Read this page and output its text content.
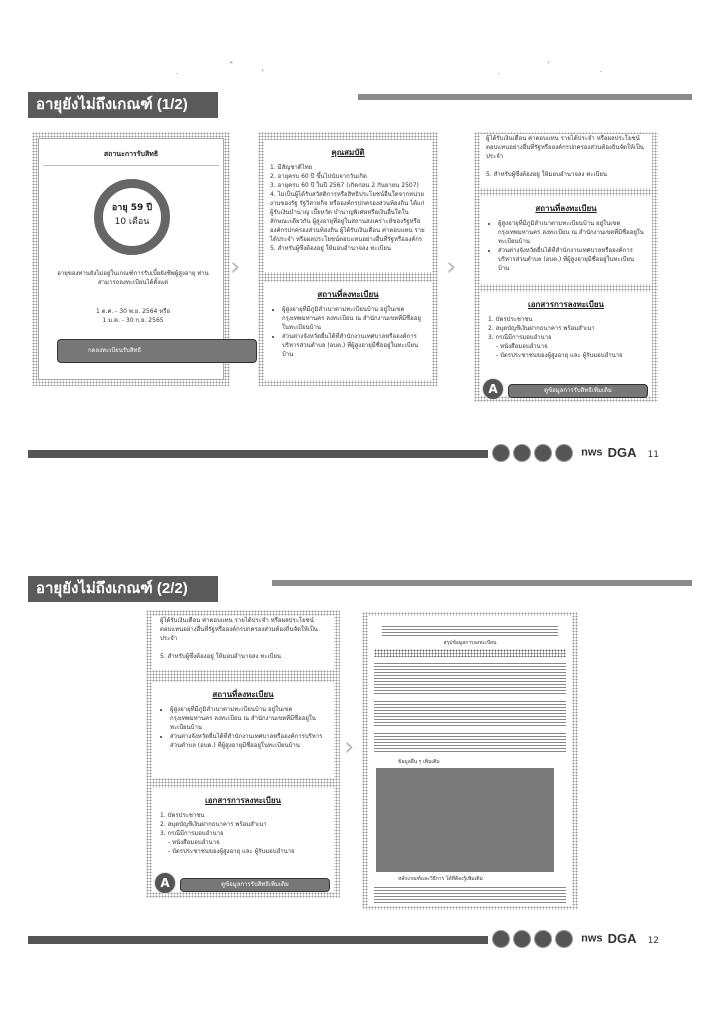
.
"
'	.
'
.
อายุยังไม่ถึงเกณฑ์ (1/2)
สถานะการรับสิทธิ
อายุ 59 ปี
10 เดือน
อายุของท่านยังไม่อยู่ในเกณฑ์การรับเบี้ยยังชีพผู้สูงอายุ ท่านสามารถลงทะเบียนได้ตั้งแต่
1 ต.ค. - 30 พ.ย. 2564 หรือ
1 ม.ค. - 30 ก.ย. 2565
กดลงทะเบียนรับสิทธิ
›
คุณสมบัติ
1. มีสัญชาติไทย
2. อายุครบ 60 ปี ขึ้นไปนับจากวันเกิด
3. อายุครบ 60 ปี ในปี 2567 (เกิดก่อน 2 กันยายน 2507)
4. ไม่เป็นผู้ได้รับสวัสดิการหรือสิทธิประโยชน์อื่นใดจากหน่วยงานของรัฐ รัฐวิสาหกิจ หรือองค์กรปกครองส่วนท้องถิ่น ได้แก่ ผู้รับเงินบำนาญ เบี้ยหวัด บำนาญพิเศษหรือเงินอื่นใดในลักษณะเดียวกัน ผู้สูงอายุที่อยู่ในสถานสงเคราะห์ของรัฐหรือองค์กรปกครองส่วนท้องถิ่น ผู้ได้รับเงินเดือน ค่าตอบแทน รายได้ประจำ หรือผลประโยชน์ตอบแทนอย่างอื่นที่รัฐหรือองค์กร
5. สำหรับผู้ซึ่งต้องอยู่ ให้มอบอำนาจลง ทะเบียน
สถานที่ลงทะเบียน
• ผู้สูงอายุที่มีภูมิลำเนาตามทะเบียนบ้าน อยู่ในเขตกรุงเทพมหานคร ลงทะเบียน ณ สำนักงานเขตที่มีชื่ออยู่ในทะเบียนบ้าน
• ส่วนต่างจังหวัดยื่นได้ที่สำนักงานเทศบาลหรือองค์การบริหารส่วนตำบล (อบต.) ที่ผู้สูงอายุมีชื่ออยู่ในทะเบียนบ้าน
›
ผู้ได้รับเงินเดือน ค่าตอบแทน รายได้ประจำ หรือผลประโยชน์ตอบแทนอย่างอื่นที่รัฐหรือองค์กรปกครองส่วนท้องถิ่นจัดให้เป็นประจำ
5. สำหรับผู้ซึ่งต้องอยู่ ให้มอบอำนาจลง ทะเบียน
สถานที่ลงทะเบียน
• ผู้สูงอายุที่มีภูมิลำเนาตามทะเบียนบ้าน อยู่ในเขตกรุงเทพมหานคร ลงทะเบียน ณ สำนักงานเขตที่มีชื่ออยู่ในทะเบียนบ้าน
• ส่วนต่างจังหวัดยื่นได้ที่สำนักงานเทศบาลหรือองค์การบริหารส่วนตำบล (อบต.) ที่ผู้สูงอายุมีชื่ออยู่ในทะเบียนบ้าน
เอกสารการลงทะเบียน
1. บัตรประชาชน
2. สมุดบัญชีเงินฝากธนาคาร พร้อมสำเนา
3. กรณีมีการมอบอำนาจ
- หนังสือมอบอำนาจ
- บัตรประชาชนของผู้สูงอายุ และ ผู้รับมอบอำนาจ
A	ดูข้อมูลการรับสิทธิเพิ่มเติม
nws DGA 11
อายุยังไม่ถึงเกณฑ์ (2/2)
ผู้ได้รับเงินเดือน ค่าตอบแทน รายได้ประจำ หรือผลประโยชน์ตอบแทนอย่างอื่นที่รัฐหรือองค์กรปกครองส่วนท้องถิ่นจัดให้เป็นประจำ
5. สำหรับผู้ซึ่งต้องอยู่ ให้มอบอำนาจลง ทะเบียน
สถานที่ลงทะเบียน
• ผู้สูงอายุที่มีภูมิลำเนาตามทะเบียนบ้าน อยู่ในเขตกรุงเทพมหานคร ลงทะเบียน ณ สำนักงานเขตที่มีชื่ออยู่ในทะเบียนบ้าน
• ส่วนต่างจังหวัดยื่นได้ที่สำนักงานเทศบาลหรือองค์การบริหารส่วนตำบล (อบต.) ที่ผู้สูงอายุมีชื่ออยู่ในทะเบียนบ้าน
เอกสารการลงทะเบียน
1. บัตรประชาชน
2. สมุดบัญชีเงินฝากธนาคาร พร้อมสำเนา
3. กรณีมีการมอบอำนาจ
- หนังสือมอบอำนาจ
- บัตรประชาชนของผู้สูงอายุ และ ผู้รับมอบอำนาจ
A	ดูข้อมูลการรับสิทธิเพิ่มเติม
›
สรุปข้อมูลการลงทะเบียน
ข้อมูลอื่น ๆ เพิ่มเติม
หลักเกณฑ์และวิธีการ ได้ที่ต้องรู้เพิ่มเติม
nws DGA 12
